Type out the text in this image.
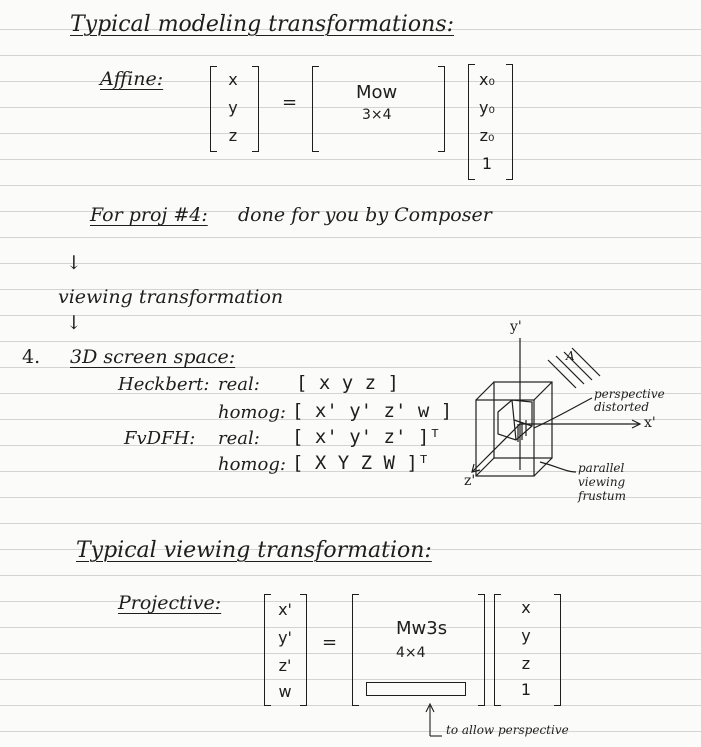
Typical modeling transformations:
Affine:	x
y
z
=	Mow
3×4
x₀
y₀
z₀
1
For proj #4: done for you by Composer
↓
viewing transformation
↓
4. 3D screen space:
Heckbert: real: [ x y z ]
homog: [ x' y' z' w ]
FvDFH: real: [ x' y' z' ]ᵀ
homog: [ X Y Z W ]ᵀ
y'
x'
z'
A
perspective distorted
parallel viewing frustum
Typical viewing transformation:
Projective:	x'
y'
z'
w
=
Mw3s
4×4
x
y
z
1
to allow perspective
